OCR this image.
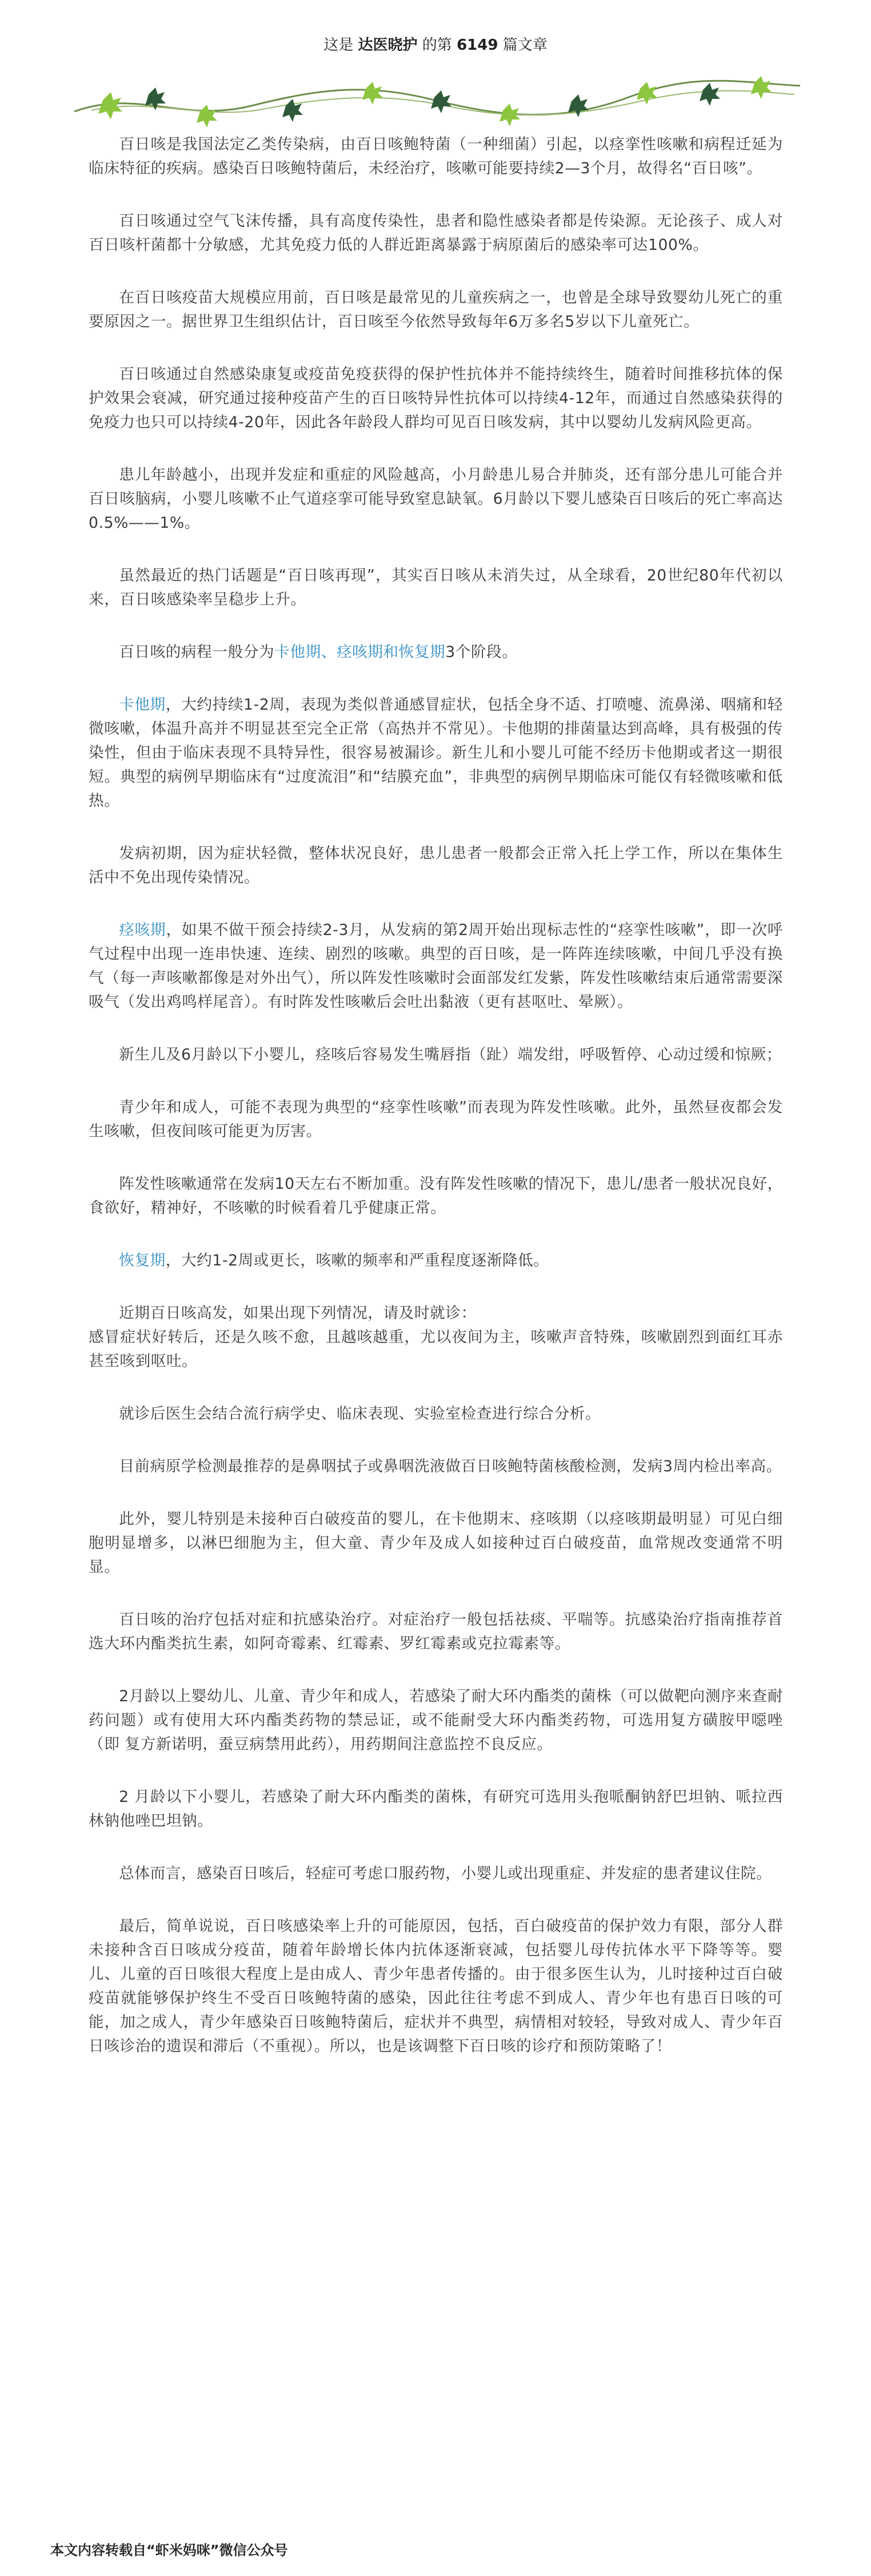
这是 达医晓护 的第 6149 篇文章

百日咳是我国法定乙类传染病，由百日咳鲍特菌（一种细菌）引起，以痉挛性咳嗽和病程迁延为临床特征的疾病。感染百日咳鲍特菌后，未经治疗，咳嗽可能要持续2—3个月，故得名“百日咳”。

百日咳通过空气飞沫传播，具有高度传染性，患者和隐性感染者都是传染源。无论孩子、成人对百日咳杆菌都十分敏感，尤其免疫力低的人群近距离暴露于病原菌后的感染率可达100%。

在百日咳疫苗大规模应用前，百日咳是最常见的儿童疾病之一，也曾是全球导致婴幼儿死亡的重要原因之一。据世界卫生组织估计，百日咳至今依然导致每年6万多名5岁以下儿童死亡。

百日咳通过自然感染康复或疫苗免疫获得的保护性抗体并不能持续终生，随着时间推移抗体的保护效果会衰减，研究通过接种疫苗产生的百日咳特异性抗体可以持续4-12年，而通过自然感染获得的免疫力也只可以持续4-20年，因此各年龄段人群均可见百日咳发病，其中以婴幼儿发病风险更高。

患儿年龄越小，出现并发症和重症的风险越高，小月龄患儿易合并肺炎，还有部分患儿可能合并百日咳脑病，小婴儿咳嗽不止气道痉挛可能导致窒息缺氧。6月龄以下婴儿感染百日咳后的死亡率高达0.5%——1%。

虽然最近的热门话题是“百日咳再现”，其实百日咳从未消失过，从全球看，20世纪80年代初以来，百日咳感染率呈稳步上升。

百日咳的病程一般分为卡他期、痉咳期和恢复期3个阶段。

卡他期，大约持续1-2周，表现为类似普通感冒症状，包括全身不适、打喷嚏、流鼻涕、咽痛和轻微咳嗽，体温升高并不明显甚至完全正常（高热并不常见）。卡他期的排菌量达到高峰，具有极强的传染性，但由于临床表现不具特异性，很容易被漏诊。新生儿和小婴儿可能不经历卡他期或者这一期很短。典型的病例早期临床有“过度流泪”和“结膜充血”，非典型的病例早期临床可能仅有轻微咳嗽和低热。

发病初期，因为症状轻微，整体状况良好，患儿患者一般都会正常入托上学工作，所以在集体生活中不免出现传染情况。

痉咳期，如果不做干预会持续2-3月，从发病的第2周开始出现标志性的“痉挛性咳嗽”，即一次呼气过程中出现一连串快速、连续、剧烈的咳嗽。典型的百日咳，是一阵阵连续咳嗽，中间几乎没有换气（每一声咳嗽都像是对外出气），所以阵发性咳嗽时会面部发红发紫，阵发性咳嗽结束后通常需要深吸气（发出鸡鸣样尾音）。有时阵发性咳嗽后会吐出黏液（更有甚呕吐、晕厥）。

新生儿及6月龄以下小婴儿，痉咳后容易发生嘴唇指（趾）端发绀，呼吸暂停、心动过缓和惊厥；

青少年和成人，可能不表现为典型的“痉挛性咳嗽”而表现为阵发性咳嗽。此外，虽然昼夜都会发生咳嗽，但夜间咳可能更为厉害。

阵发性咳嗽通常在发病10天左右不断加重。没有阵发性咳嗽的情况下，患儿/患者一般状况良好，食欲好，精神好，不咳嗽的时候看着几乎健康正常。

恢复期，大约1-2周或更长，咳嗽的频率和严重程度逐渐降低。

近期百日咳高发，如果出现下列情况，请及时就诊：

感冒症状好转后，还是久咳不愈，且越咳越重，尤以夜间为主，咳嗽声音特殊，咳嗽剧烈到面红耳赤甚至咳到呕吐。

就诊后医生会结合流行病学史、临床表现、实验室检查进行综合分析。

目前病原学检测最推荐的是鼻咽拭子或鼻咽洗液做百日咳鲍特菌核酸检测，发病3周内检出率高。

此外，婴儿特别是未接种百白破疫苗的婴儿，在卡他期末、痉咳期（以痉咳期最明显）可见白细胞明显增多，以淋巴细胞为主，但大童、青少年及成人如接种过百白破疫苗，血常规改变通常不明显。

百日咳的治疗包括对症和抗感染治疗。对症治疗一般包括祛痰、平喘等。抗感染治疗指南推荐首选大环内酯类抗生素，如阿奇霉素、红霉素、罗红霉素或克拉霉素等。

2月龄以上婴幼儿、儿童、青少年和成人，若感染了耐大环内酯类的菌株（可以做靶向测序来查耐药问题）或有使用大环内酯类药物的禁忌证，或不能耐受大环内酯类药物，可选用复方磺胺甲噁唑（即 复方新诺明，蚕豆病禁用此药），用药期间注意监控不良反应。

2 月龄以下小婴儿，若感染了耐大环内酯类的菌株，有研究可选用头孢哌酮钠舒巴坦钠、哌拉西林钠他唑巴坦钠。

总体而言，感染百日咳后，轻症可考虑口服药物，小婴儿或出现重症、并发症的患者建议住院。

最后，简单说说，百日咳感染率上升的可能原因，包括，百白破疫苗的保护效力有限，部分人群未接种含百日咳成分疫苗，随着年龄增长体内抗体逐渐衰减，包括婴儿母传抗体水平下降等等。婴儿、儿童的百日咳很大程度上是由成人、青少年患者传播的。由于很多医生认为，儿时接种过百白破疫苗就能够保护终生不受百日咳鲍特菌的感染，因此往往考虑不到成人、青少年也有患百日咳的可能，加之成人，青少年感染百日咳鲍特菌后，症状并不典型，病情相对较轻，导致对成人、青少年百日咳诊治的遗误和滞后（不重视）。所以，也是该调整下百日咳的诊疗和预防策略了！

本文内容转载自“虾米妈咪”微信公众号
